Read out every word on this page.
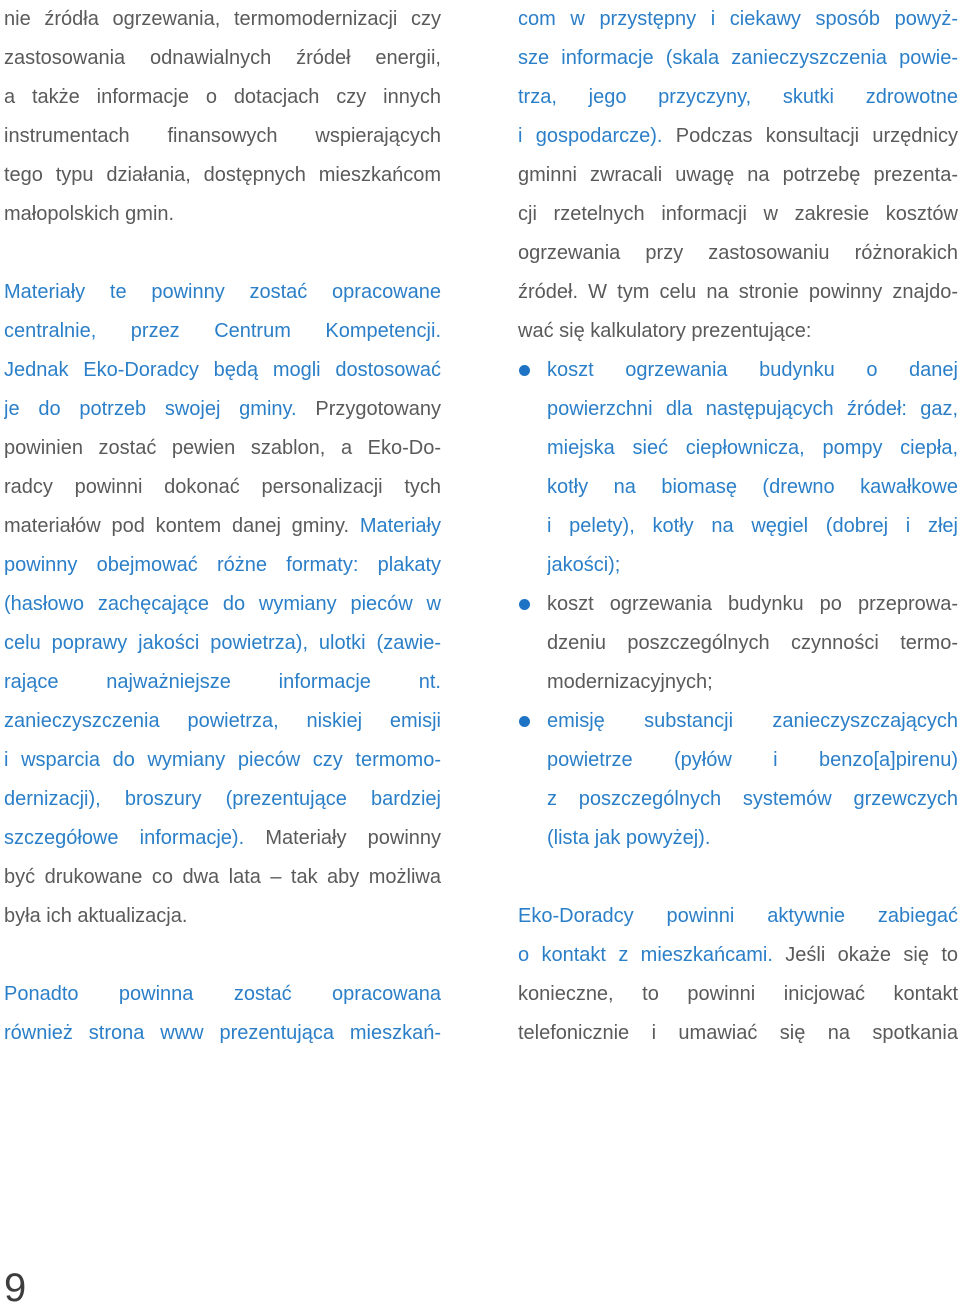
nie źródła ogrzewania, termomodernizacji czy
zastosowania odnawialnych źródeł energii,
a także informacje o dotacjach czy innych
instrumentach finansowych wspierających
tego typu działania, dostępnych mieszkańcom
małopolskich gmin.
Materiały te powinny zostać opracowane
centralnie, przez Centrum Kompetencji.
Jednak Eko-Doradcy będą mogli dostosować
je do potrzeb swojej gminy. Przygotowany
powinien zostać pewien szablon, a Eko-Do-
radcy powinni dokonać personalizacji tych
materiałów pod kontem danej gminy. Materiały
powinny obejmować różne formaty: plakaty
(hasłowo zachęcające do wymiany pieców w
celu poprawy jakości powietrza), ulotki (zawie-
rające najważniejsze informacje nt.
zanieczyszczenia powietrza, niskiej emisji
i wsparcia do wymiany pieców czy termomo-
dernizacji), broszury (prezentujące bardziej
szczegółowe informacje). Materiały powinny
być drukowane co dwa lata – tak aby możliwa
była ich aktualizacja.
Ponadto powinna zostać opracowana
również strona www prezentująca mieszkań-
com w przystępny i ciekawy sposób powyż-
sze informacje (skala zanieczyszczenia powie-
trza, jego przyczyny, skutki zdrowotne
i gospodarcze). Podczas konsultacji urzędnicy
gminni zwracali uwagę na potrzebę prezenta-
cji rzetelnych informacji w zakresie kosztów
ogrzewania przy zastosowaniu różnorakich
źródeł. W tym celu na stronie powinny znajdo-
wać się kalkulatory prezentujące:
koszt ogrzewania budynku o danej
powierzchni dla następujących źródeł: gaz,
miejska sieć ciepłownicza, pompy ciepła,
kotły na biomasę (drewno kawałkowe
i pelety), kotły na węgiel (dobrej i złej
jakości);
koszt ogrzewania budynku po przeprowa-
dzeniu poszczególnych czynności termo-
modernizacyjnych;
emisję substancji zanieczyszczających
powietrze (pyłów i benzo[a]pirenu)
z poszczególnych systemów grzewczych
(lista jak powyżej).
Eko-Doradcy powinni aktywnie zabiegać
o kontakt z mieszkańcami. Jeśli okaże się to
konieczne, to powinni inicjować kontakt
telefonicznie i umawiać się na spotkania
9
